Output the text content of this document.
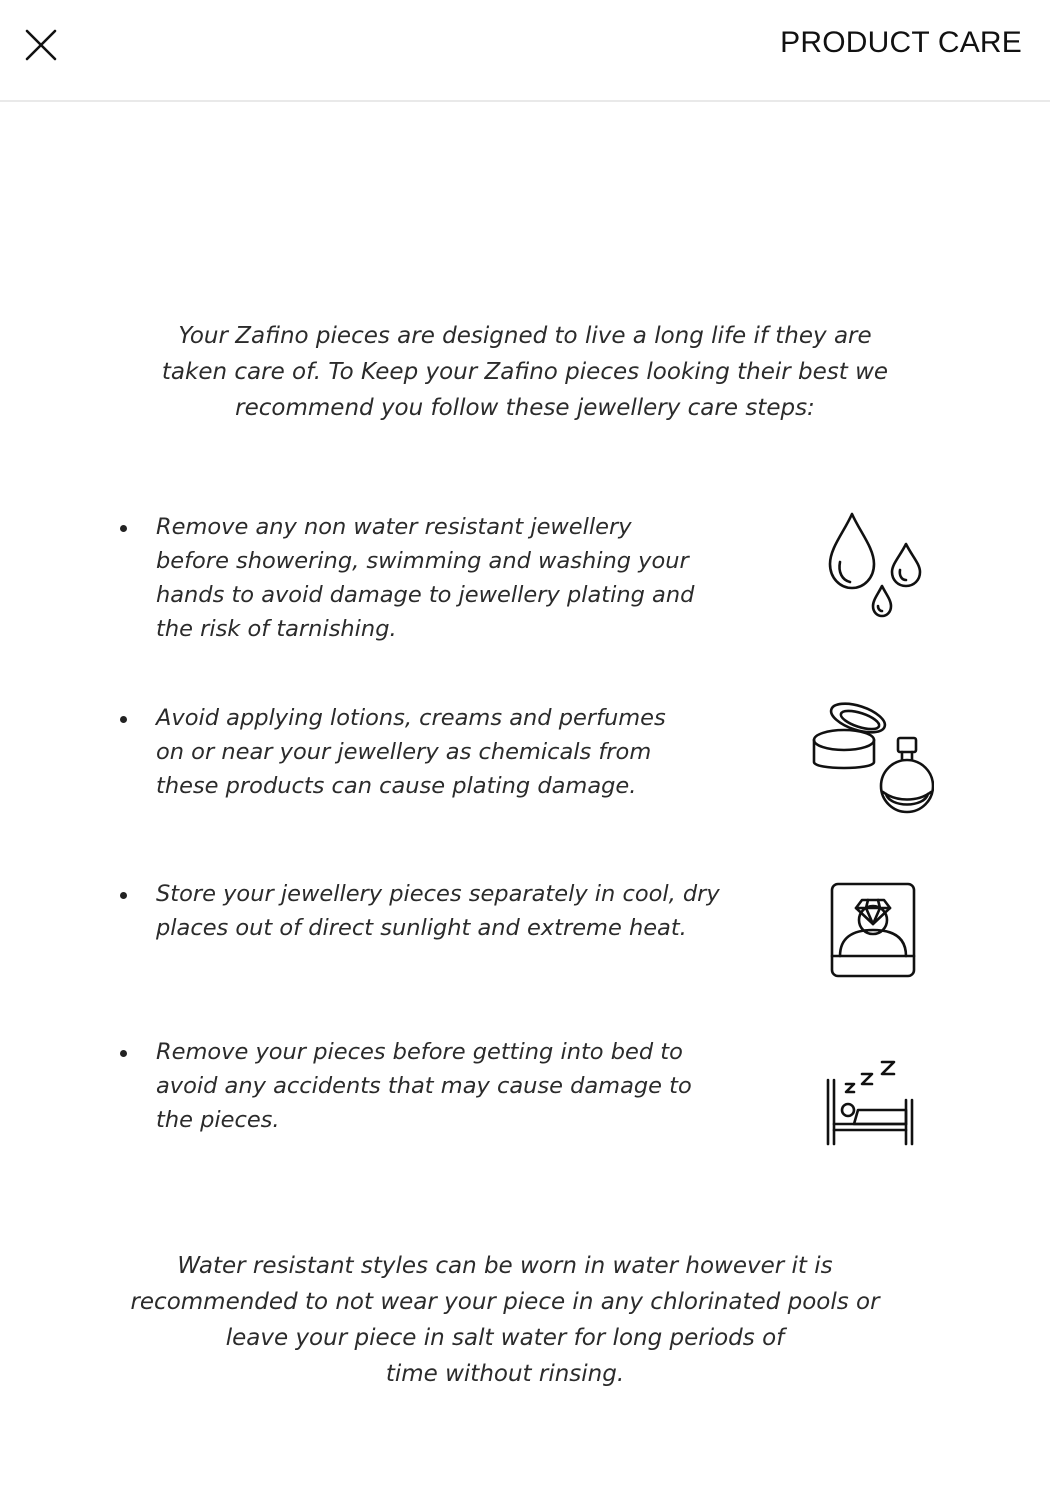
PRODUCT CARE
Your Zafino pieces are designed to live a long life if they are
taken care of. To Keep your Zafino pieces looking their best we
recommend you follow these jewellery care steps:
Remove any non water resistant jewellery
before showering, swimming and washing your
hands to avoid damage to jewellery plating and
the risk of tarnishing.
Avoid applying lotions, creams and perfumes
on or near your jewellery as chemicals from
these products can cause plating damage.
Store your jewellery pieces separately in cool, dry
places out of direct sunlight and extreme heat.
Remove your pieces before getting into bed to
avoid any accidents that may cause damage to
the pieces.
Water resistant styles can be worn in water however it is
recommended to not wear your piece in any chlorinated pools or
leave your piece in salt water for long periods of
time without rinsing.
